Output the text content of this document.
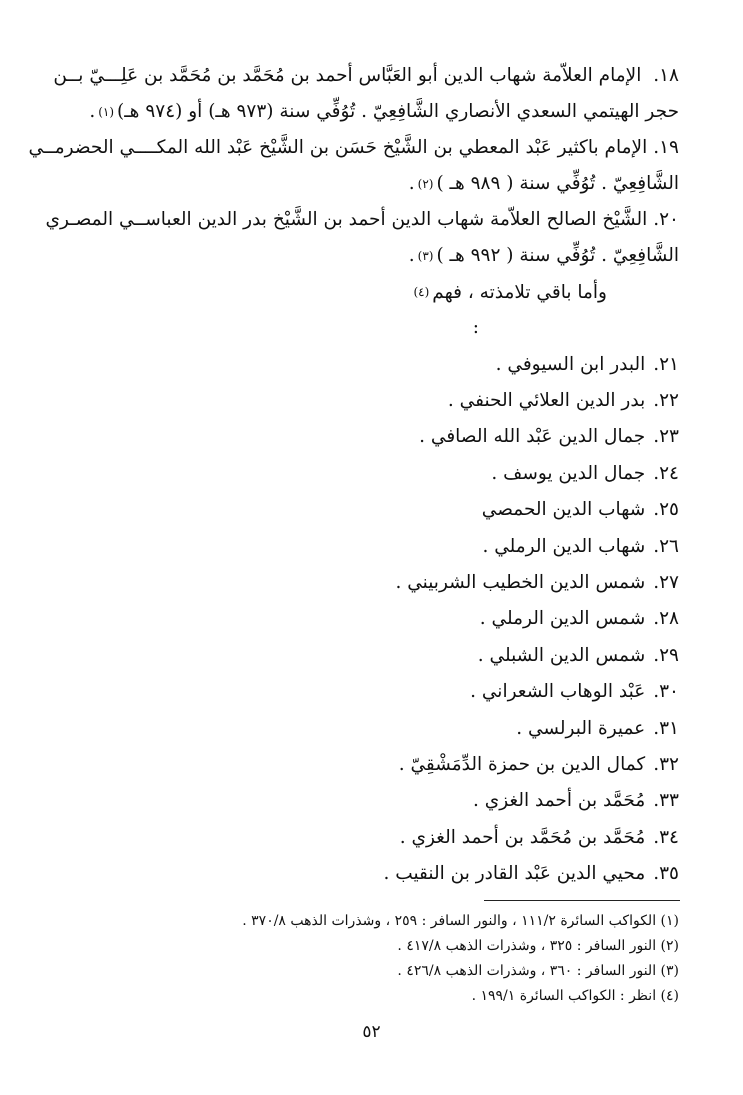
١٨. الإمام العلاّمة شهاب الدين أبو العَبَّاس أحمد بن مُحَمَّد بن مُحَمَّد بن عَلِـــيّ بــن
حجر الهيتمي السعدي الأنصاري الشَّافِعِيّ . تُوُفِّي سنة (٩٧٣ هـ) أو (٩٧٤ هـ)
(١)
.
١٩.
الإمام باكثير عَبْد المعطي بن الشَّيْخ حَسَن بن الشَّيْخ عَبْد الله المكــــي الحضرمــي
الشَّافِعِيّ . تُوُفِّي سنة ( ٩٨٩ هـ )
(٢)
.
٢٠.
الشَّيْخ الصالح العلاّمة شهاب الدين أحمد بن الشَّيْخ بدر الدين العباســي المصـري
الشَّافِعِيّ . تُوُفِّي سنة ( ٩٩٢ هـ )
(٣)
.
وأما باقي تلامذته ، فهم
(٤)
:
٢١.
البدر ابن السيوفي .
٢٢.
بدر الدين العلائي الحنفي .
٢٣.
جمال الدين عَبْد الله الصافي .
٢٤.
جمال الدين يوسف .
٢٥.
شهاب الدين الحمصي
٢٦.
شهاب الدين الرملي .
٢٧.
شمس الدين الخطيب الشربيني .
٢٨.
شمس الدين الرملي .
٢٩.
شمس الدين الشبلي .
٣٠.
عَبْد الوهاب الشعراني .
٣١.
عميرة البرلسي .
٣٢.
كمال الدين بن حمزة الدِّمَشْقِيّ .
٣٣.
مُحَمَّد بن أحمد الغزي .
٣٤.
مُحَمَّد بن مُحَمَّد بن أحمد الغزي .
٣٥.
محيي الدين عَبْد القادر بن النقيب .
(١) الكواكب السائرة ١١١/٢ ، والنور السافر : ٢٥٩ ، وشذرات الذهب ٣٧٠/٨ .
(٢) النور السافر : ٣٢٥ ، وشذرات الذهب ٤١٧/٨ .
(٣) النور السافر : ٣٦٠ ، وشذرات الذهب ٤٢٦/٨ .
(٤) انظر : الكواكب السائرة ١٩٩/١ .
٥٢
